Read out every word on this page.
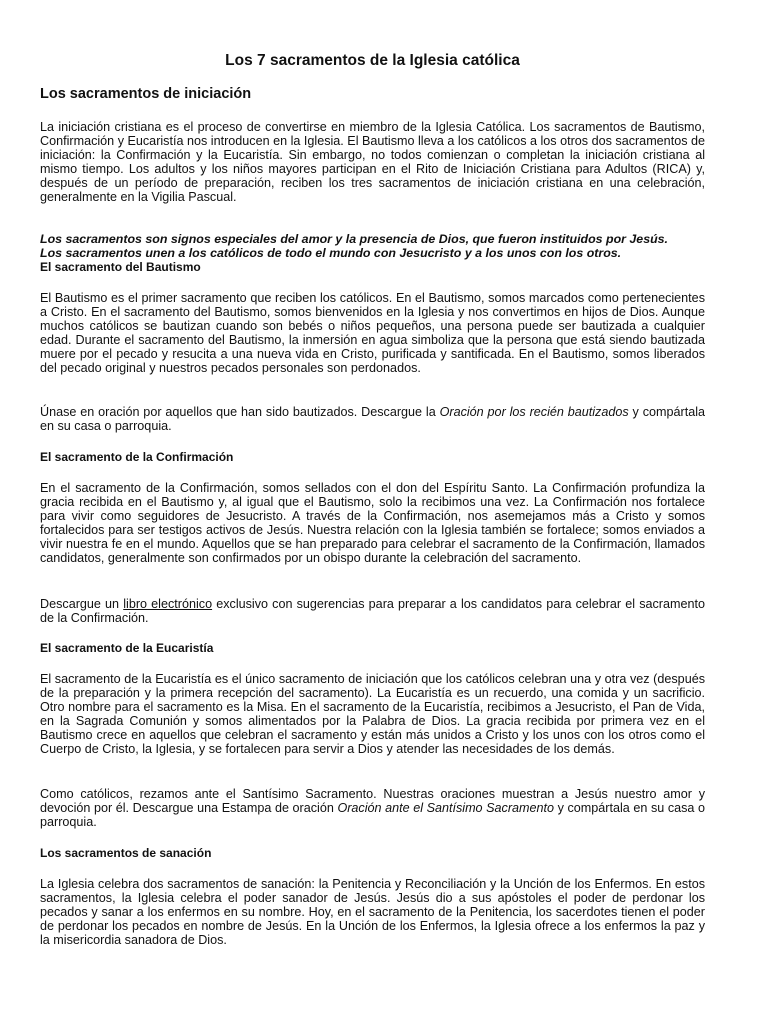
Los 7 sacramentos de la Iglesia católica
Los sacramentos de iniciación

La iniciación cristiana es el proceso de convertirse en miembro de la Iglesia Católica. Los sacramentos de Bautismo, Confirmación y Eucaristía nos introducen en la Iglesia. El Bautismo lleva a los católicos a los otros dos sacramentos de iniciación: la Confirmación y la Eucaristía. Sin embargo, no todos comienzan o completan la iniciación cristiana al mismo tiempo. Los adultos y los niños mayores participan en el Rito de Iniciación Cristiana para Adultos (RICA) y, después de un período de preparación, reciben los tres sacramentos de iniciación cristiana en una celebración, generalmente en la Vigilia Pascual.

Los sacramentos son signos especiales del amor y la presencia de Dios, que fueron instituidos por Jesús.
Los sacramentos unen a los católicos de todo el mundo con Jesucristo y a los unos con los otros.
El sacramento del Bautismo

El Bautismo es el primer sacramento que reciben los católicos. En el Bautismo, somos marcados como pertenecientes a Cristo. En el sacramento del Bautismo, somos bienvenidos en la Iglesia y nos convertimos en hijos de Dios. Aunque muchos católicos se bautizan cuando son bebés o niños pequeños, una persona puede ser bautizada a cualquier edad. Durante el sacramento del Bautismo, la inmersión en agua simboliza que la persona que está siendo bautizada muere por el pecado y resucita a una nueva vida en Cristo, purificada y santificada. En el Bautismo, somos liberados del pecado original y nuestros pecados personales son perdonados.

Únase en oración por aquellos que han sido bautizados. Descargue la Oración por los recién bautizados y compártala en su casa o parroquia.

El sacramento de la Confirmación

En el sacramento de la Confirmación, somos sellados con el don del Espíritu Santo. La Confirmación profundiza la gracia recibida en el Bautismo y, al igual que el Bautismo, solo la recibimos una vez. La Confirmación nos fortalece para vivir como seguidores de Jesucristo. A través de la Confirmación, nos asemejamos más a Cristo y somos fortalecidos para ser testigos activos de Jesús. Nuestra relación con la Iglesia también se fortalece; somos enviados a vivir nuestra fe en el mundo. Aquellos que se han preparado para celebrar el sacramento de la Confirmación, llamados candidatos, generalmente son confirmados por un obispo durante la celebración del sacramento.

Descargue un libro electrónico exclusivo con sugerencias para preparar a los candidatos para celebrar el sacramento de la Confirmación.

El sacramento de la Eucaristía

El sacramento de la Eucaristía es el único sacramento de iniciación que los católicos celebran una y otra vez (después de la preparación y la primera recepción del sacramento). La Eucaristía es un recuerdo, una comida y un sacrificio. Otro nombre para el sacramento es la Misa. En el sacramento de la Eucaristía, recibimos a Jesucristo, el Pan de Vida, en la Sagrada Comunión y somos alimentados por la Palabra de Dios. La gracia recibida por primera vez en el Bautismo crece en aquellos que celebran el sacramento y están más unidos a Cristo y los unos con los otros como el Cuerpo de Cristo, la Iglesia, y se fortalecen para servir a Dios y atender las necesidades de los demás.

Como católicos, rezamos ante el Santísimo Sacramento. Nuestras oraciones muestran a Jesús nuestro amor y devoción por él. Descargue una Estampa de oración Oración ante el Santísimo Sacramento y compártala en su casa o parroquia.

Los sacramentos de sanación

La Iglesia celebra dos sacramentos de sanación: la Penitencia y Reconciliación y la Unción de los Enfermos. En estos sacramentos, la Iglesia celebra el poder sanador de Jesús. Jesús dio a sus apóstoles el poder de perdonar los pecados y sanar a los enfermos en su nombre. Hoy, en el sacramento de la Penitencia, los sacerdotes tienen el poder de perdonar los pecados en nombre de Jesús. En la Unción de los Enfermos, la Iglesia ofrece a los enfermos la paz y la misericordia sanadora de Dios.
